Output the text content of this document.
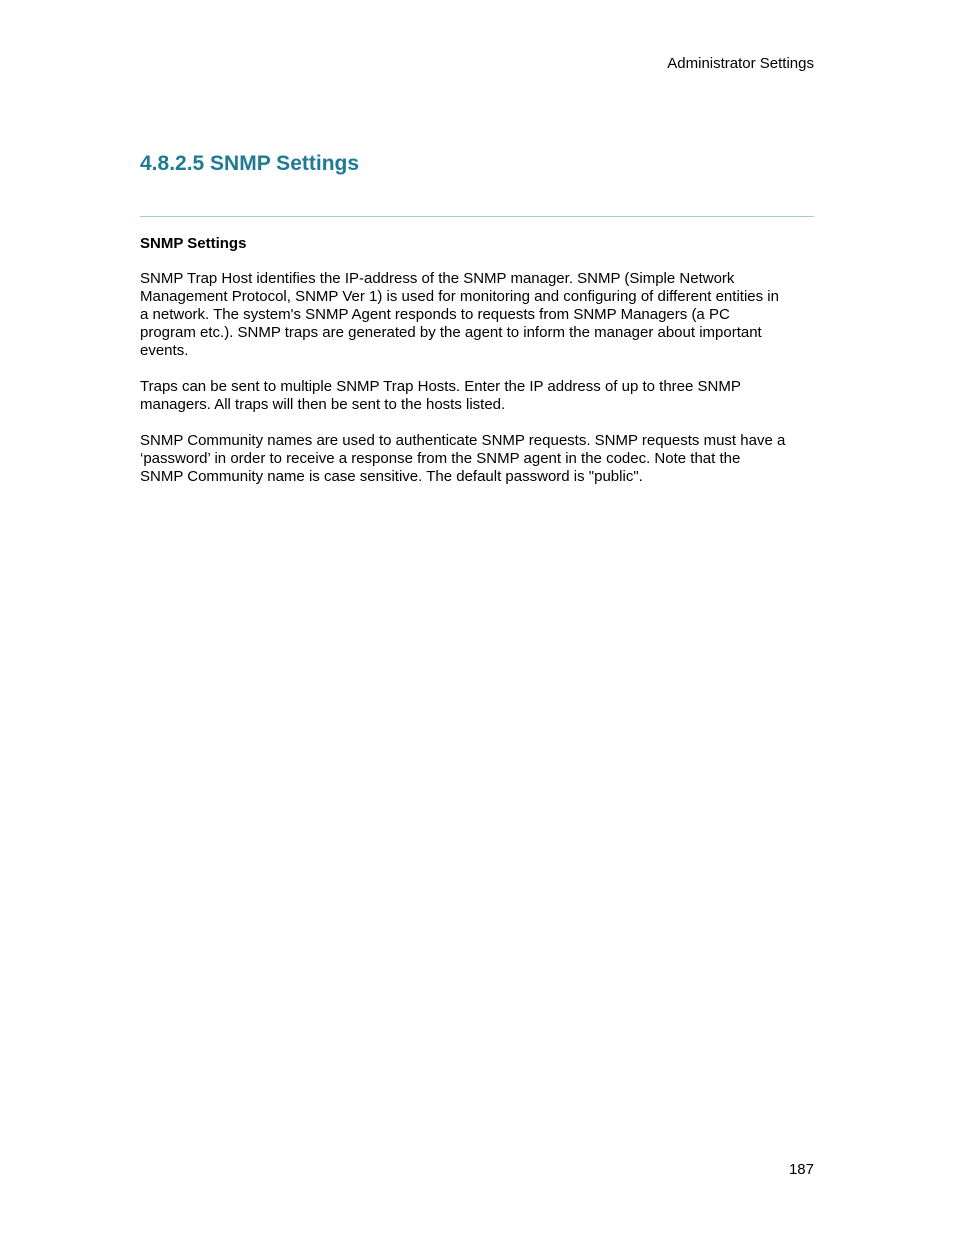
Administrator Settings
4.8.2.5 SNMP Settings
SNMP Settings

SNMP Trap Host identifies the IP-address of the SNMP manager. SNMP (Simple Network
Management Protocol, SNMP Ver 1) is used for monitoring and configuring of different entities in
a network. The system's SNMP Agent responds to requests from SNMP Managers (a PC
program etc.). SNMP traps are generated by the agent to inform the manager about important
events.

Traps can be sent to multiple SNMP Trap Hosts. Enter the IP address of up to three SNMP
managers. All traps will then be sent to the hosts listed.

SNMP Community names are used to authenticate SNMP requests. SNMP requests must have a
‘password’ in order to receive a response from the SNMP agent in the codec. Note that the
SNMP Community name is case sensitive. The default password is "public".

187
